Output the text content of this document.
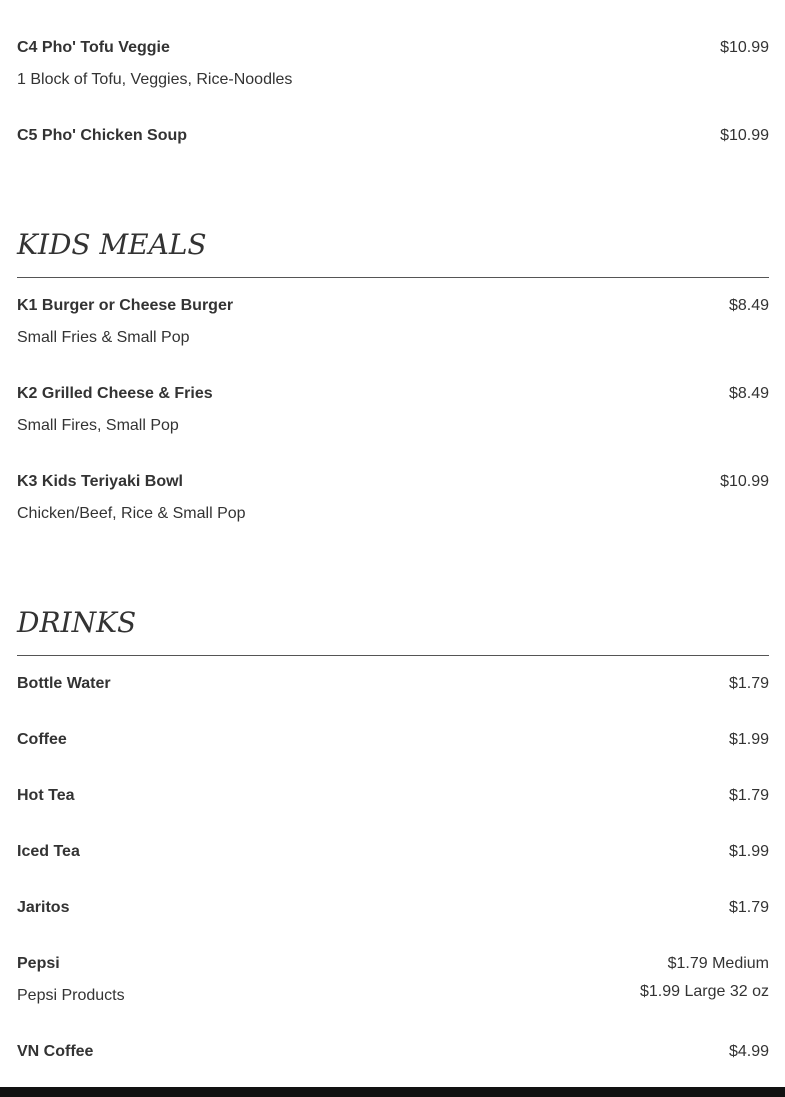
C4 Pho' Tofu Veggie	$10.99
1 Block of Tofu, Veggies, Rice-Noodles
C5 Pho' Chicken Soup	$10.99
KIDS MEALS
K1 Burger or Cheese Burger	$8.49
Small Fries & Small Pop
K2 Grilled Cheese & Fries	$8.49
Small Fires, Small Pop
K3 Kids Teriyaki Bowl	$10.99
Chicken/Beef, Rice & Small Pop
DRINKS
Bottle Water	$1.79
Coffee	$1.99
Hot Tea	$1.79
Iced Tea	$1.99
Jaritos	$1.79
Pepsi	$1.79 Medium
$1.99 Large 32 oz
Pepsi Products
VN Coffee	$4.99
